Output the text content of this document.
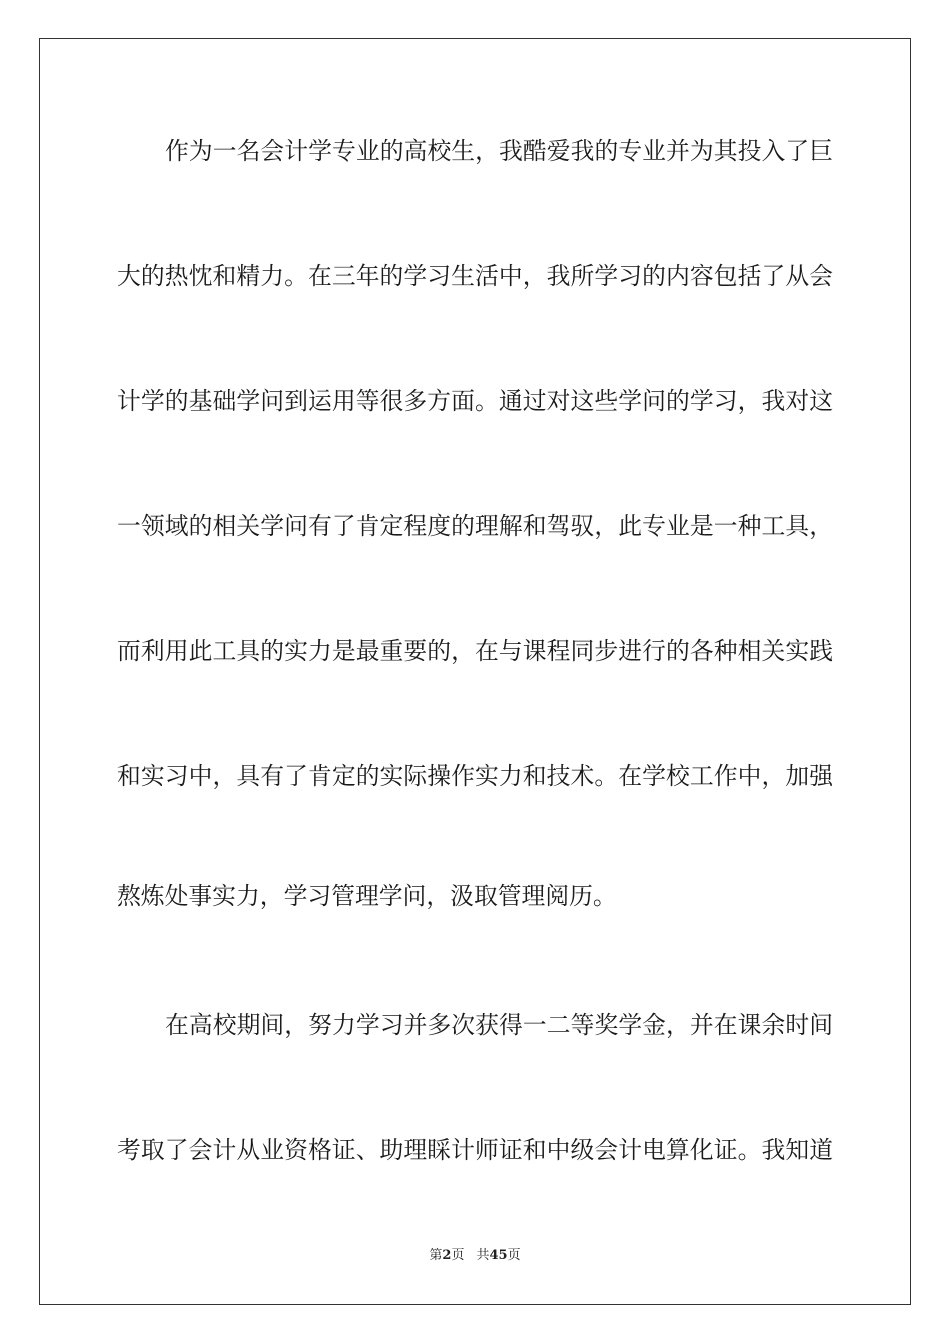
作为一名会计学专业的高校生，我酷爱我的专业并为其投入了巨
大的热忱和精力。在三年的学习生活中，我所学习的内容包括了从会
计学的基础学问到运用等很多方面。通过对这些学问的学习，我对这
一领域的相关学问有了肯定程度的理解和驾驭，此专业是一种工具，
而利用此工具的实力是最重要的，在与课程同步进行的各种相关实践
和实习中，具有了肯定的实际操作实力和技术。在学校工作中，加强
熬炼处事实力，学习管理学问，汲取管理阅历。
在高校期间，努力学习并多次获得一二等奖学金，并在课余时间
考取了会计从业资格证、助理睬计师证和中级会计电算化证。我知道
第2页 共45页
